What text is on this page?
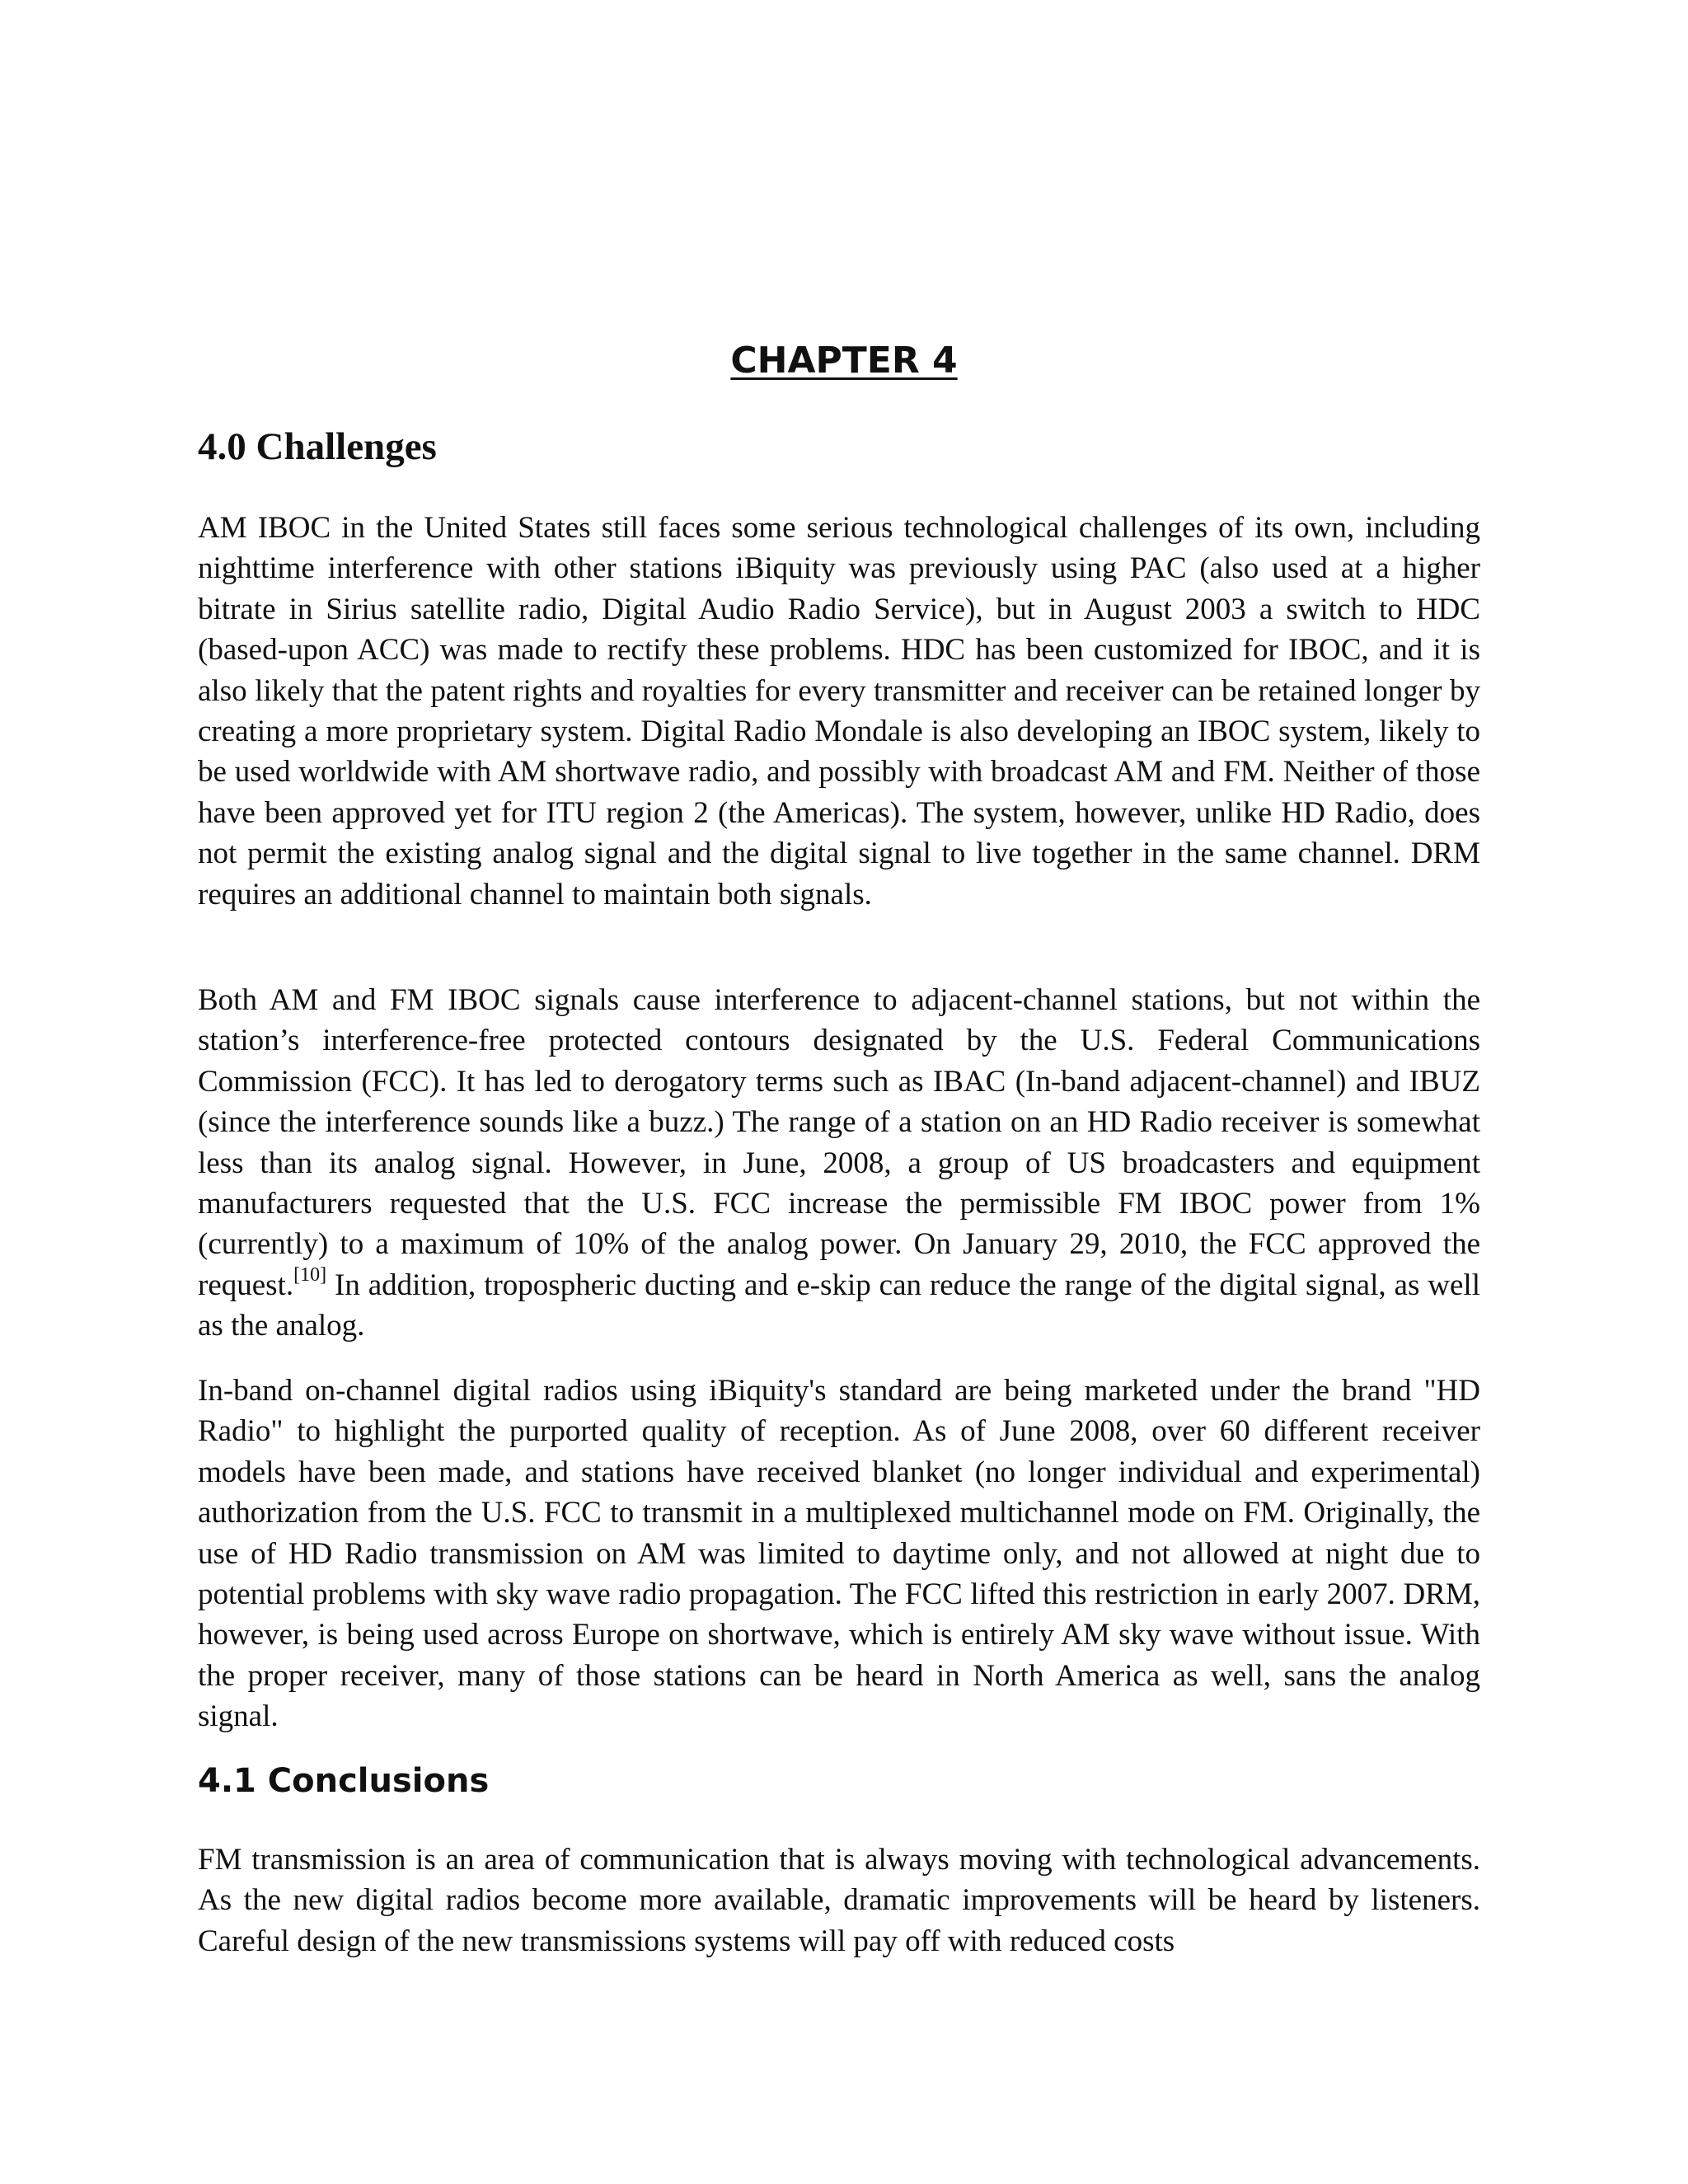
CHAPTER 4
4.0 Challenges

AM IBOC in the United States still faces some serious technological challenges of its own, including nighttime interference with other stations iBiquity was previously using PAC (also used at a higher bitrate in Sirius satellite radio, Digital Audio Radio Service), but in August 2003 a switch to HDC (based-upon ACC) was made to rectify these problems. HDC has been customized for IBOC, and it is also likely that the patent rights and royalties for every transmitter and receiver can be retained longer by creating a more proprietary system. Digital Radio Mondale is also developing an IBOC system, likely to be used worldwide with AM shortwave radio, and possibly with broadcast AM and FM. Neither of those have been approved yet for ITU region 2 (the Americas). The system, however, unlike HD Radio, does not permit the existing analog signal and the digital signal to live together in the same channel. DRM requires an additional channel to maintain both signals.

Both AM and FM IBOC signals cause interference to adjacent-channel stations, but not within the station’s interference-free protected contours designated by the U.S. Federal Communications Commission (FCC). It has led to derogatory terms such as IBAC (In-band adjacent-channel) and IBUZ (since the interference sounds like a buzz.) The range of a station on an HD Radio receiver is somewhat less than its analog signal. However, in June, 2008, a group of US broadcasters and equipment manufacturers requested that the U.S. FCC increase the permissible FM IBOC power from 1% (currently) to a maximum of 10% of the analog power. On January 29, 2010, the FCC approved the request.[10] In addition, tropospheric ducting and e-skip can reduce the range of the digital signal, as well as the analog.

In-band on-channel digital radios using iBiquity's standard are being marketed under the brand "HD Radio" to highlight the purported quality of reception. As of June 2008, over 60 different receiver models have been made, and stations have received blanket (no longer individual and experimental) authorization from the U.S. FCC to transmit in a multiplexed multichannel mode on FM. Originally, the use of HD Radio transmission on AM was limited to daytime only, and not allowed at night due to potential problems with sky wave radio propagation. The FCC lifted this restriction in early 2007. DRM, however, is being used across Europe on shortwave, which is entirely AM sky wave without issue. With the proper receiver, many of those stations can be heard in North America as well, sans the analog signal.

4.1 Conclusions

FM transmission is an area of communication that is always moving with technological advancements. As the new digital radios become more available, dramatic improvements will be heard by listeners. Careful design of the new transmissions systems will pay off with reduced costs
